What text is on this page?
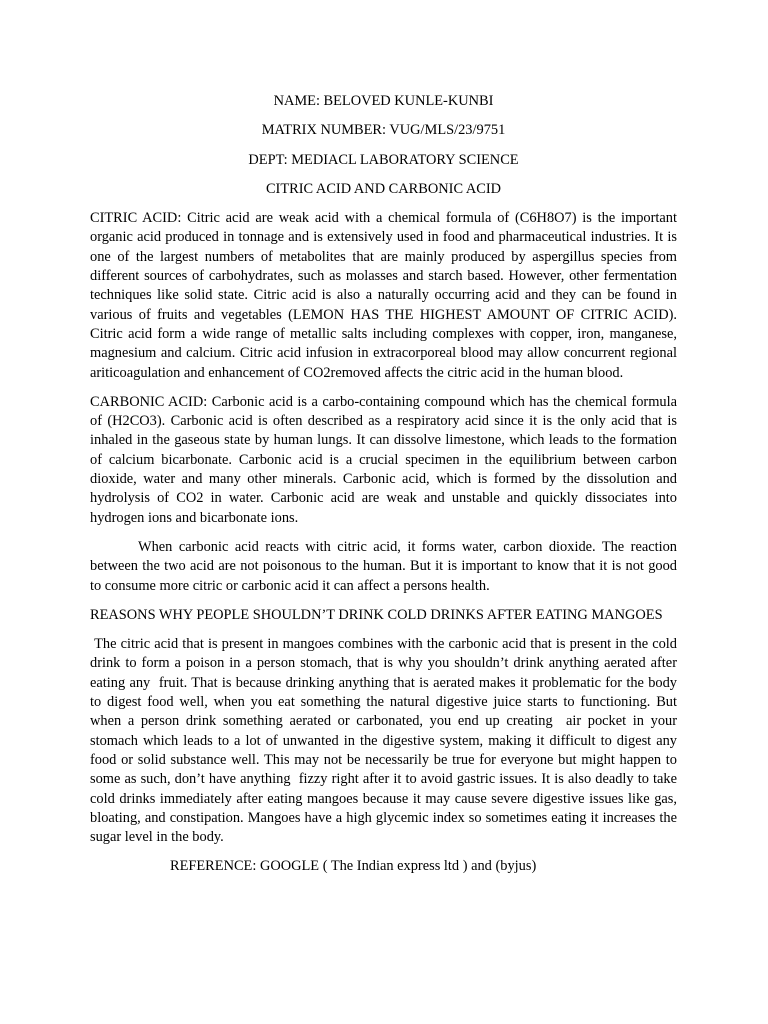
NAME: BELOVED KUNLE-KUNBI

MATRIX NUMBER: VUG/MLS/23/9751

DEPT: MEDIACL LABORATORY SCIENCE

CITRIC ACID AND CARBONIC ACID

CITRIC ACID: Citric acid are weak acid with a chemical formula of (C6H8O7) is the important organic acid produced in tonnage and is extensively used in food and pharmaceutical industries. It is one of the largest numbers of metabolites that are mainly produced by aspergillus species from different sources of carbohydrates, such as molasses and starch based. However, other fermentation techniques like solid state. Citric acid is also a naturally occurring acid and they can be found in various of fruits and vegetables (LEMON HAS THE HIGHEST AMOUNT OF CITRIC ACID). Citric acid form a wide range of metallic salts including complexes with copper, iron, manganese, magnesium and calcium. Citric acid infusion in extracorporeal blood may allow concurrent regional ariticoagulation and enhancement of CO2removed affects the citric acid in the human blood.

CARBONIC ACID: Carbonic acid is a carbo-containing compound which has the chemical formula of (H2CO3). Carbonic acid is often described as a respiratory acid since it is the only acid that is inhaled in the gaseous state by human lungs. It can dissolve limestone, which leads to the formation of calcium bicarbonate. Carbonic acid is a crucial specimen in the equilibrium between carbon dioxide, water and many other minerals. Carbonic acid, which is formed by the dissolution and hydrolysis of CO2 in water. Carbonic acid are weak and unstable and quickly dissociates into hydrogen ions and bicarbonate ions.

When carbonic acid reacts with citric acid, it forms water, carbon dioxide. The reaction between the two acid are not poisonous to the human. But it is important to know that it is not good to consume more citric or carbonic acid it can affect a persons health.

REASONS WHY PEOPLE SHOULDN’T DRINK COLD DRINKS AFTER EATING MANGOES

The citric acid that is present in mangoes combines with the carbonic acid that is present in the cold drink to form a poison in a person stomach, that is why you shouldn’t drink anything aerated after eating any  fruit. That is because drinking anything that is aerated makes it problematic for the body to digest food well, when you eat something the natural digestive juice starts to functioning. But when a person drink something aerated or carbonated, you end up creating  air pocket in your stomach which leads to a lot of unwanted in the digestive system, making it difficult to digest any food or solid substance well. This may not be necessarily be true for everyone but might happen to some as such, don’t have anything  fizzy right after it to avoid gastric issues. It is also deadly to take cold drinks immediately after eating mangoes because it may cause severe digestive issues like gas, bloating, and constipation. Mangoes have a high glycemic index so sometimes eating it increases the sugar level in the body.

REFERENCE: GOOGLE ( The Indian express ltd ) and (byjus)
